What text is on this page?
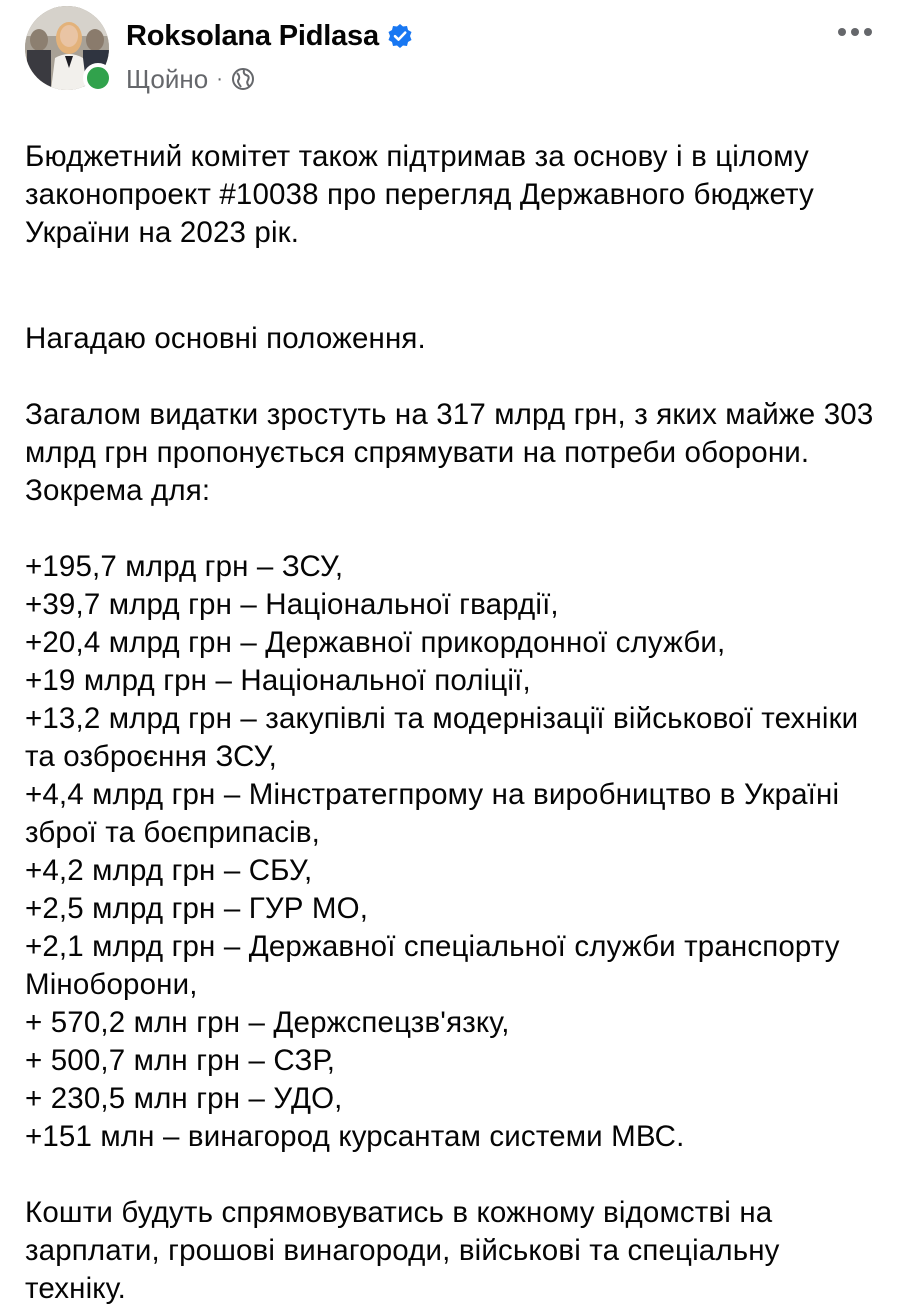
Roksolana Pidlasa
Щойно ·

Бюджетний комітет також підтримав за основу і в цілому законопроект #10038 про перегляд Державного бюджету України на 2023 рік.

Нагадаю основні положення.

Загалом видатки зростуть на 317 млрд грн, з яких майже 303 млрд грн пропонується спрямувати на потреби оборони. Зокрема для:

+195,7 млрд грн – ЗСУ,

+39,7 млрд грн – Національної гвардії,

+20,4 млрд грн – Державної прикордонної служби,

+19 млрд грн – Національної поліції,

+13,2 млрд грн – закупівлі та модернізації військової техніки та озброєння ЗСУ,

+4,4 млрд грн – Мінстратегпрому на виробництво в Україні зброї та боєприпасів,

+4,2 млрд грн – СБУ,

+2,5 млрд грн – ГУР МО,

+2,1 млрд грн – Державної спеціальної служби транспорту Міноборони,

+ 570,2 млн грн – Держспецзв'язку,

+ 500,7 млн грн – СЗР,

+ 230,5 млн грн – УДО,

+151 млн – винагород курсантам системи МВС.

Кошти будуть спрямовуватись в кожному відомстві на зарплати, грошові винагороди, військові та спеціальну техніку.
